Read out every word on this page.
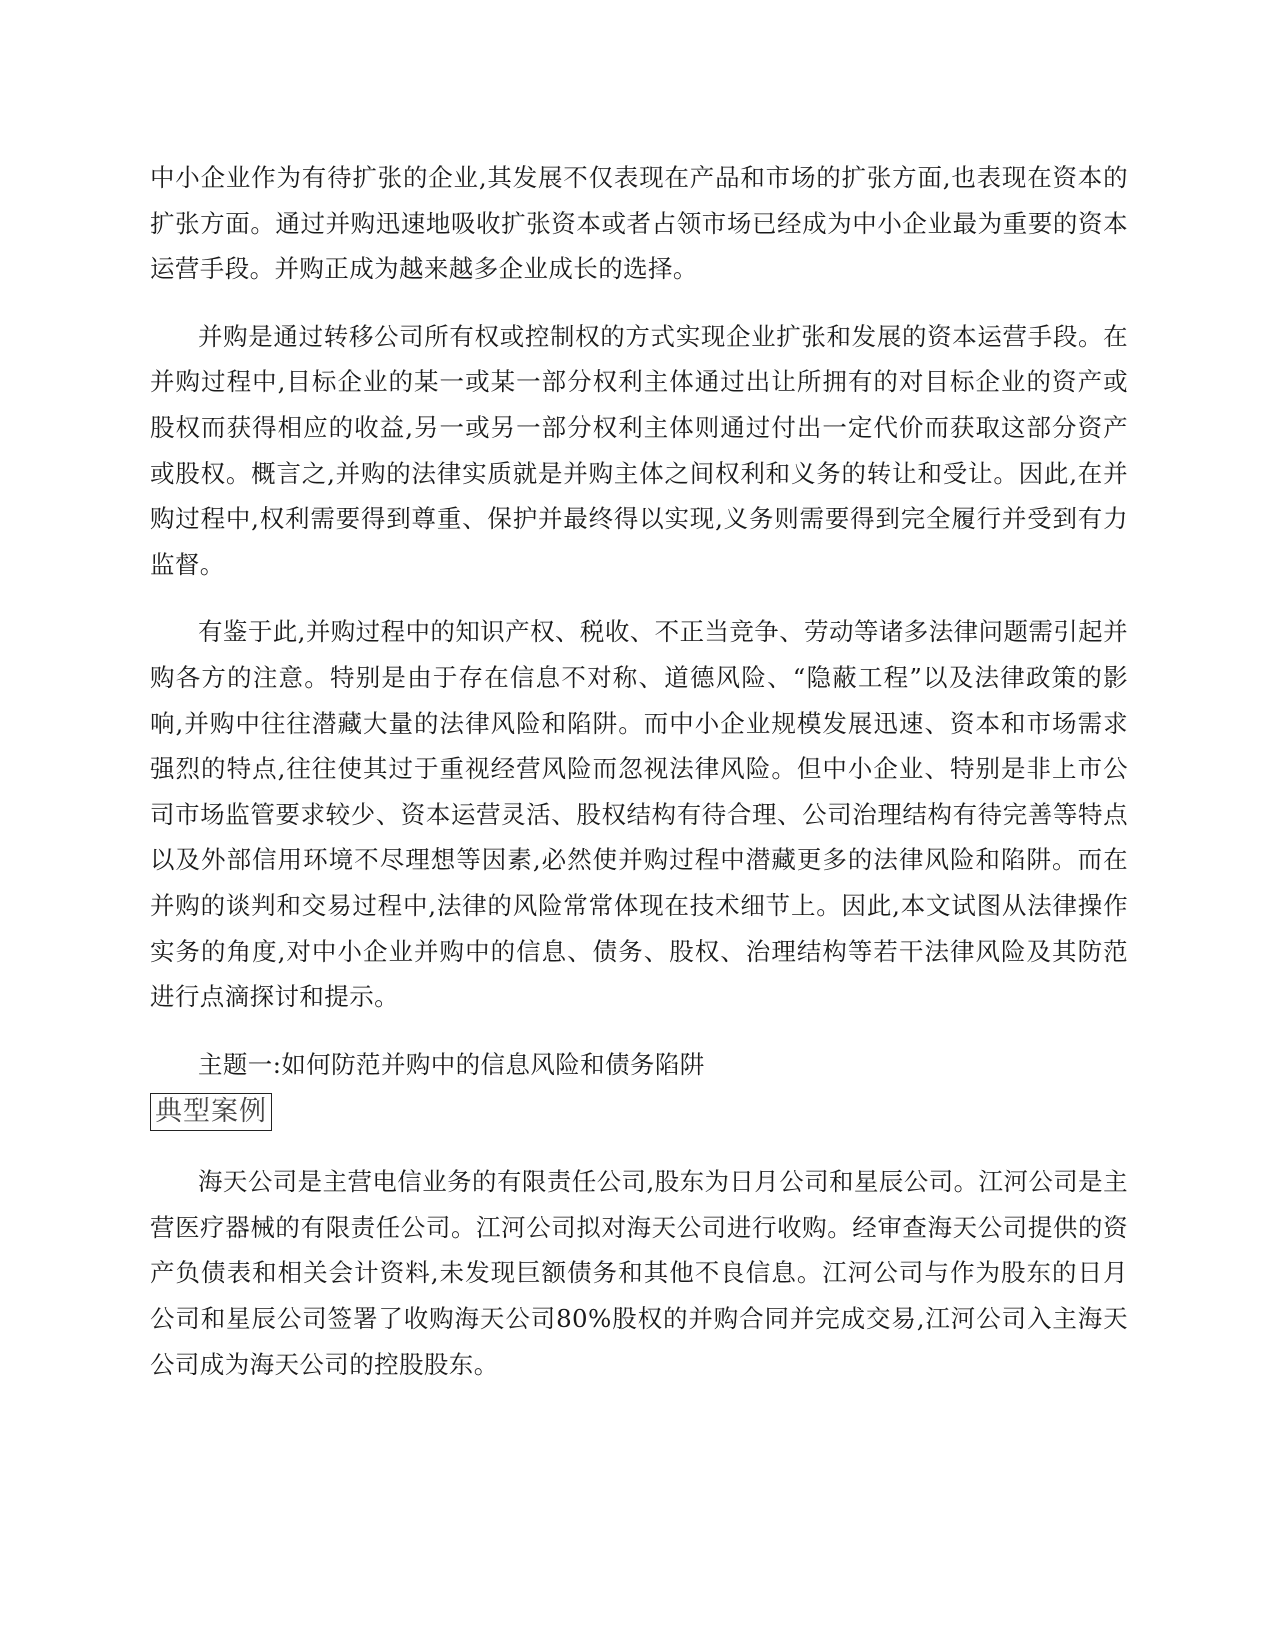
中小企业作为有待扩张的企业,其发展不仅表现在产品和市场的扩张方面,也表现在资本的扩张方面。通过并购迅速地吸收扩张资本或者占领市场已经成为中小企业最为重要的资本运营手段。并购正成为越来越多企业成长的选择。

并购是通过转移公司所有权或控制权的方式实现企业扩张和发展的资本运营手段。在并购过程中,目标企业的某一或某一部分权利主体通过出让所拥有的对目标企业的资产或股权而获得相应的收益,另一或另一部分权利主体则通过付出一定代价而获取这部分资产或股权。概言之,并购的法律实质就是并购主体之间权利和义务的转让和受让。因此,在并购过程中,权利需要得到尊重、保护并最终得以实现,义务则需要得到完全履行并受到有力监督。

有鉴于此,并购过程中的知识产权、税收、不正当竞争、劳动等诸多法律问题需引起并购各方的注意。特别是由于存在信息不对称、道德风险、“隐蔽工程”以及法律政策的影响,并购中往往潜藏大量的法律风险和陷阱。而中小企业规模发展迅速、资本和市场需求强烈的特点,往往使其过于重视经营风险而忽视法律风险。但中小企业、特别是非上市公司市场监管要求较少、资本运营灵活、股权结构有待合理、公司治理结构有待完善等特点以及外部信用环境不尽理想等因素,必然使并购过程中潜藏更多的法律风险和陷阱。而在并购的谈判和交易过程中,法律的风险常常体现在技术细节上。因此,本文试图从法律操作实务的角度,对中小企业并购中的信息、债务、股权、治理结构等若干法律风险及其防范进行点滴探讨和提示。

主题一:如何防范并购中的信息风险和债务陷阱

典型案例

海天公司是主营电信业务的有限责任公司,股东为日月公司和星辰公司。江河公司是主营医疗器械的有限责任公司。江河公司拟对海天公司进行收购。经审查海天公司提供的资产负债表和相关会计资料,未发现巨额债务和其他不良信息。江河公司与作为股东的日月公司和星辰公司签署了收购海天公司80%股权的并购合同并完成交易,江河公司入主海天公司成为海天公司的控股股东。
